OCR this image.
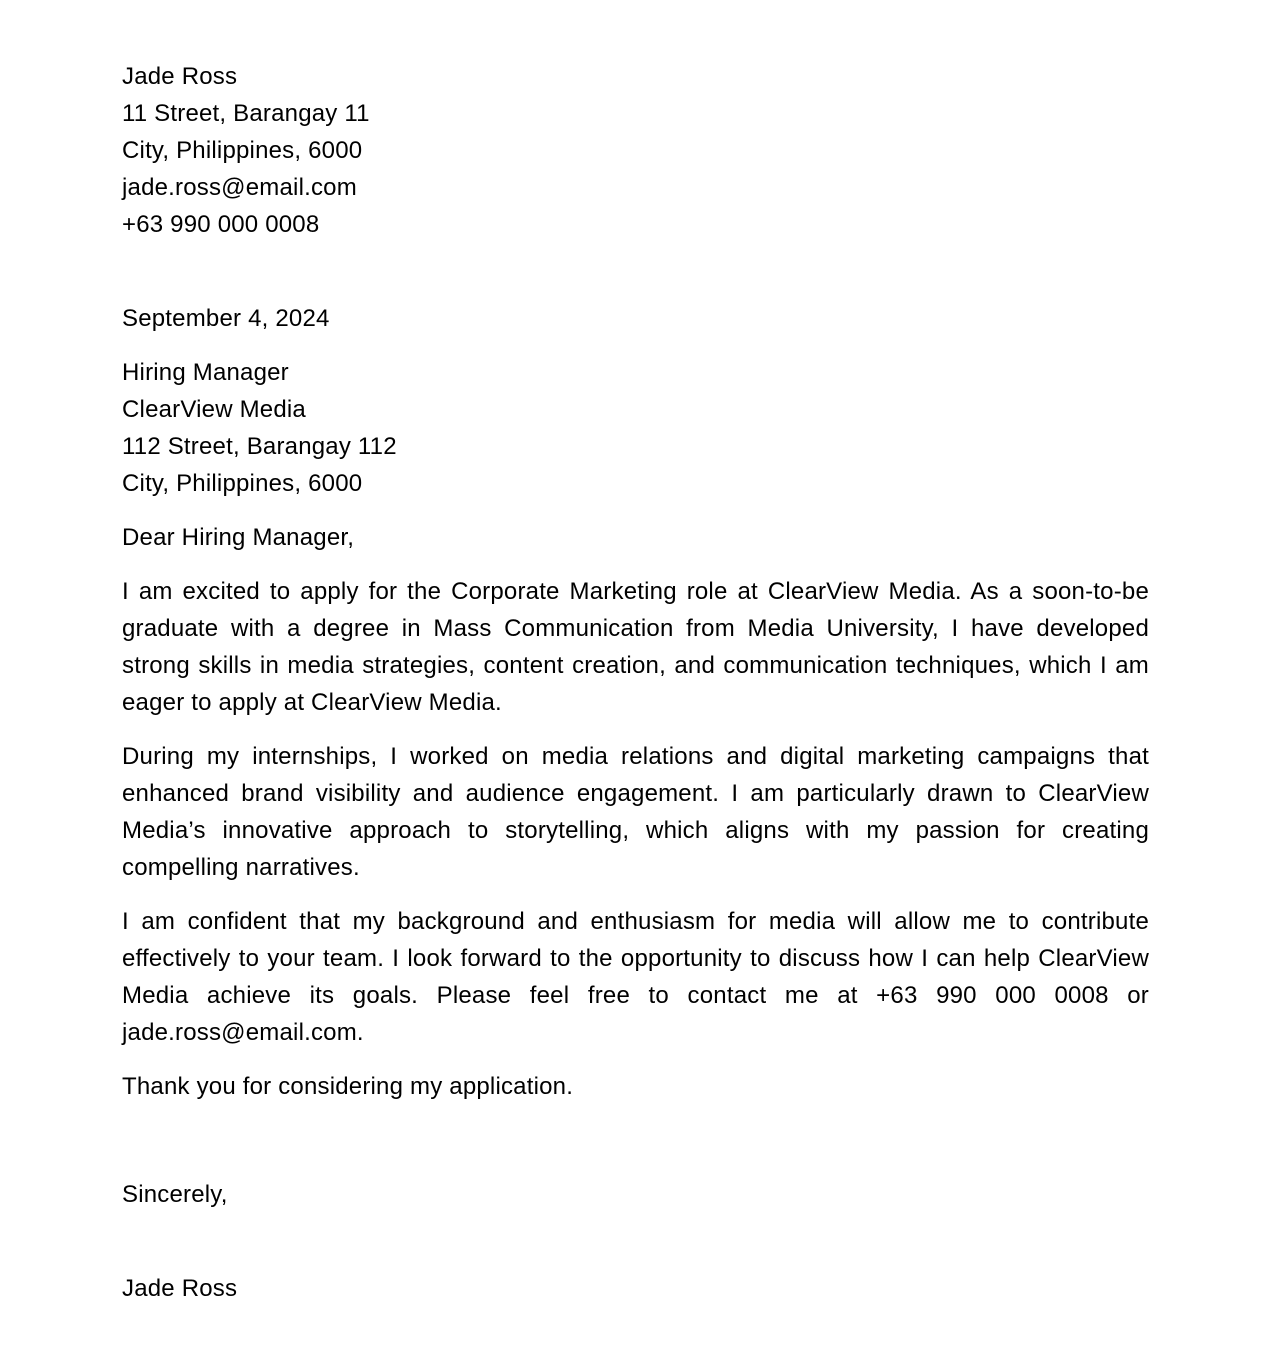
Jade Ross
11 Street, Barangay 11
City, Philippines, 6000
jade.ross@email.com
+63 990 000 0008
September 4, 2024
Hiring Manager
ClearView Media
112 Street, Barangay 112
City, Philippines, 6000
Dear Hiring Manager,

I am excited to apply for the Corporate Marketing role at ClearView Media. As a soon-to-be graduate with a degree in Mass Communication from Media University, I have developed strong skills in media strategies, content creation, and communication techniques, which I am eager to apply at ClearView Media.

During my internships, I worked on media relations and digital marketing campaigns that enhanced brand visibility and audience engagement. I am particularly drawn to ClearView Media’s innovative approach to storytelling, which aligns with my passion for creating compelling narratives.

I am confident that my background and enthusiasm for media will allow me to contribute effectively to your team. I look forward to the opportunity to discuss how I can help ClearView Media achieve its goals. Please feel free to contact me at +63 990 000 0008 or jade.ross@email.com.

Thank you for considering my application.
Sincerely,
Jade Ross
